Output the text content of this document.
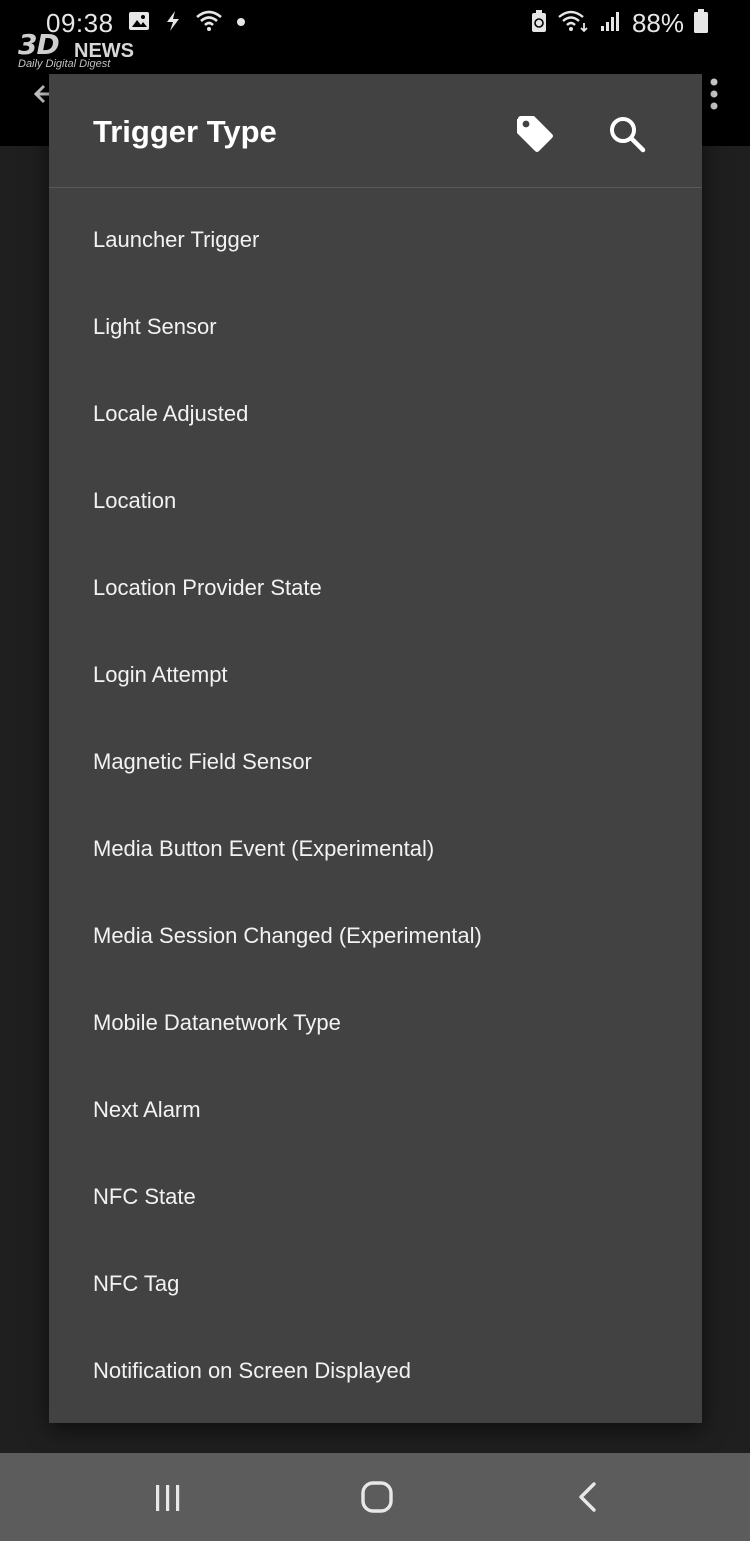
09:38	88%
3D NEWS
Daily Digital Digest
Trigger Type
Launcher Trigger
Light Sensor
Locale Adjusted
Location
Location Provider State
Login Attempt
Magnetic Field Sensor
Media Button Event (Experimental)
Media Session Changed (Experimental)
Mobile Datanetwork Type
Next Alarm
NFC State
NFC Tag
Notification on Screen Displayed
